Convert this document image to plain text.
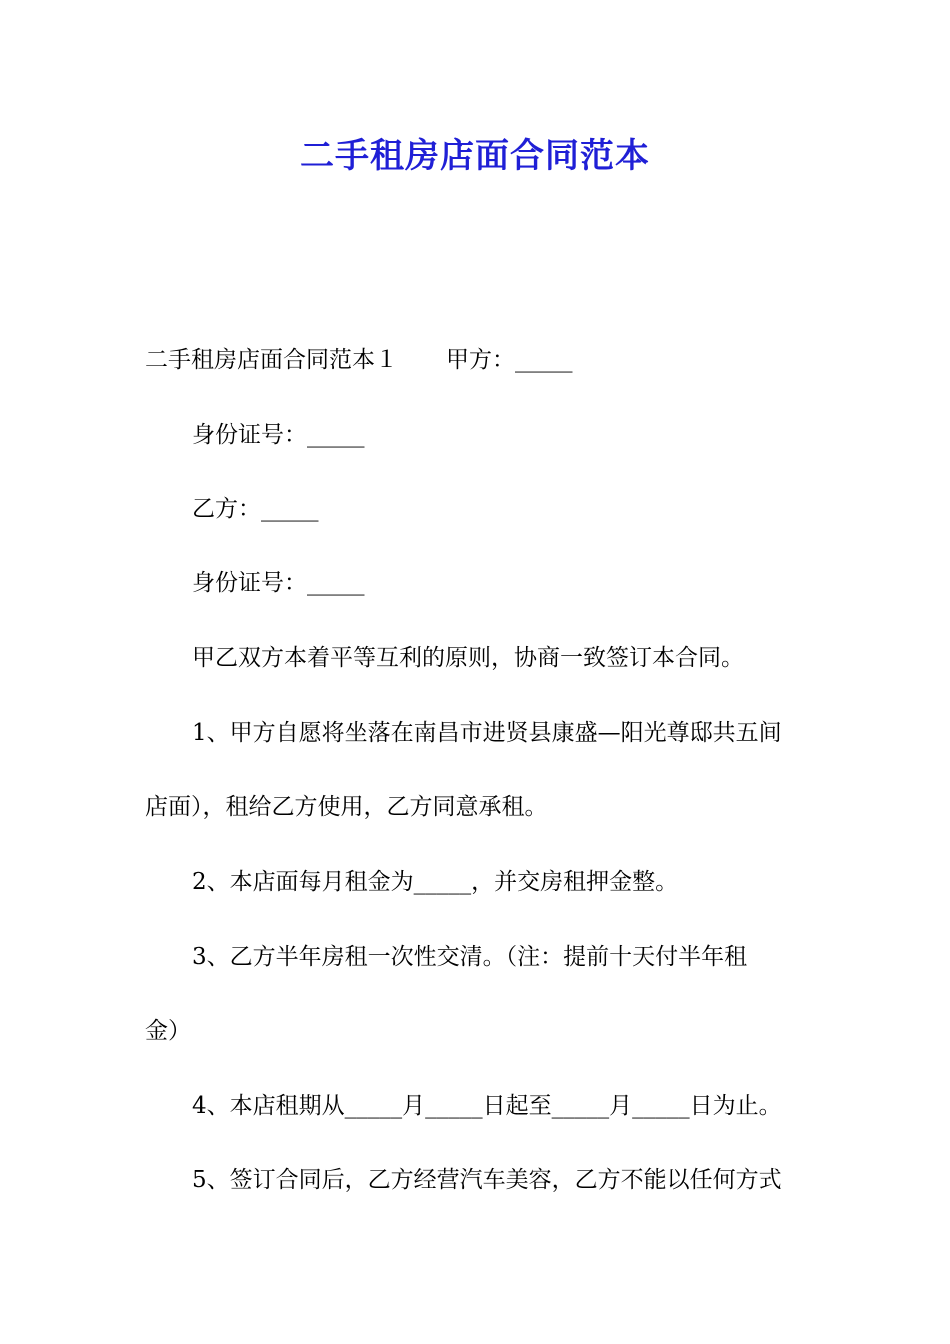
二手租房店面合同范本
二手租房店面合同范本１ 甲方：_____
身份证号：_____
乙方：_____
身份证号：_____
甲乙双方本着平等互利的原则，协商一致签订本合同。
1、甲方自愿将坐落在南昌市进贤县康盛—阳光尊邸共五间
店面），租给乙方使用，乙方同意承租。
2、本店面每月租金为_____，并交房租押金整。
3、乙方半年房租一次性交清。（注：提前十天付半年租
金）
4、本店租期从_____月_____日起至_____月_____日为止。
5、签订合同后，乙方经营汽车美容，乙方不能以任何方式
